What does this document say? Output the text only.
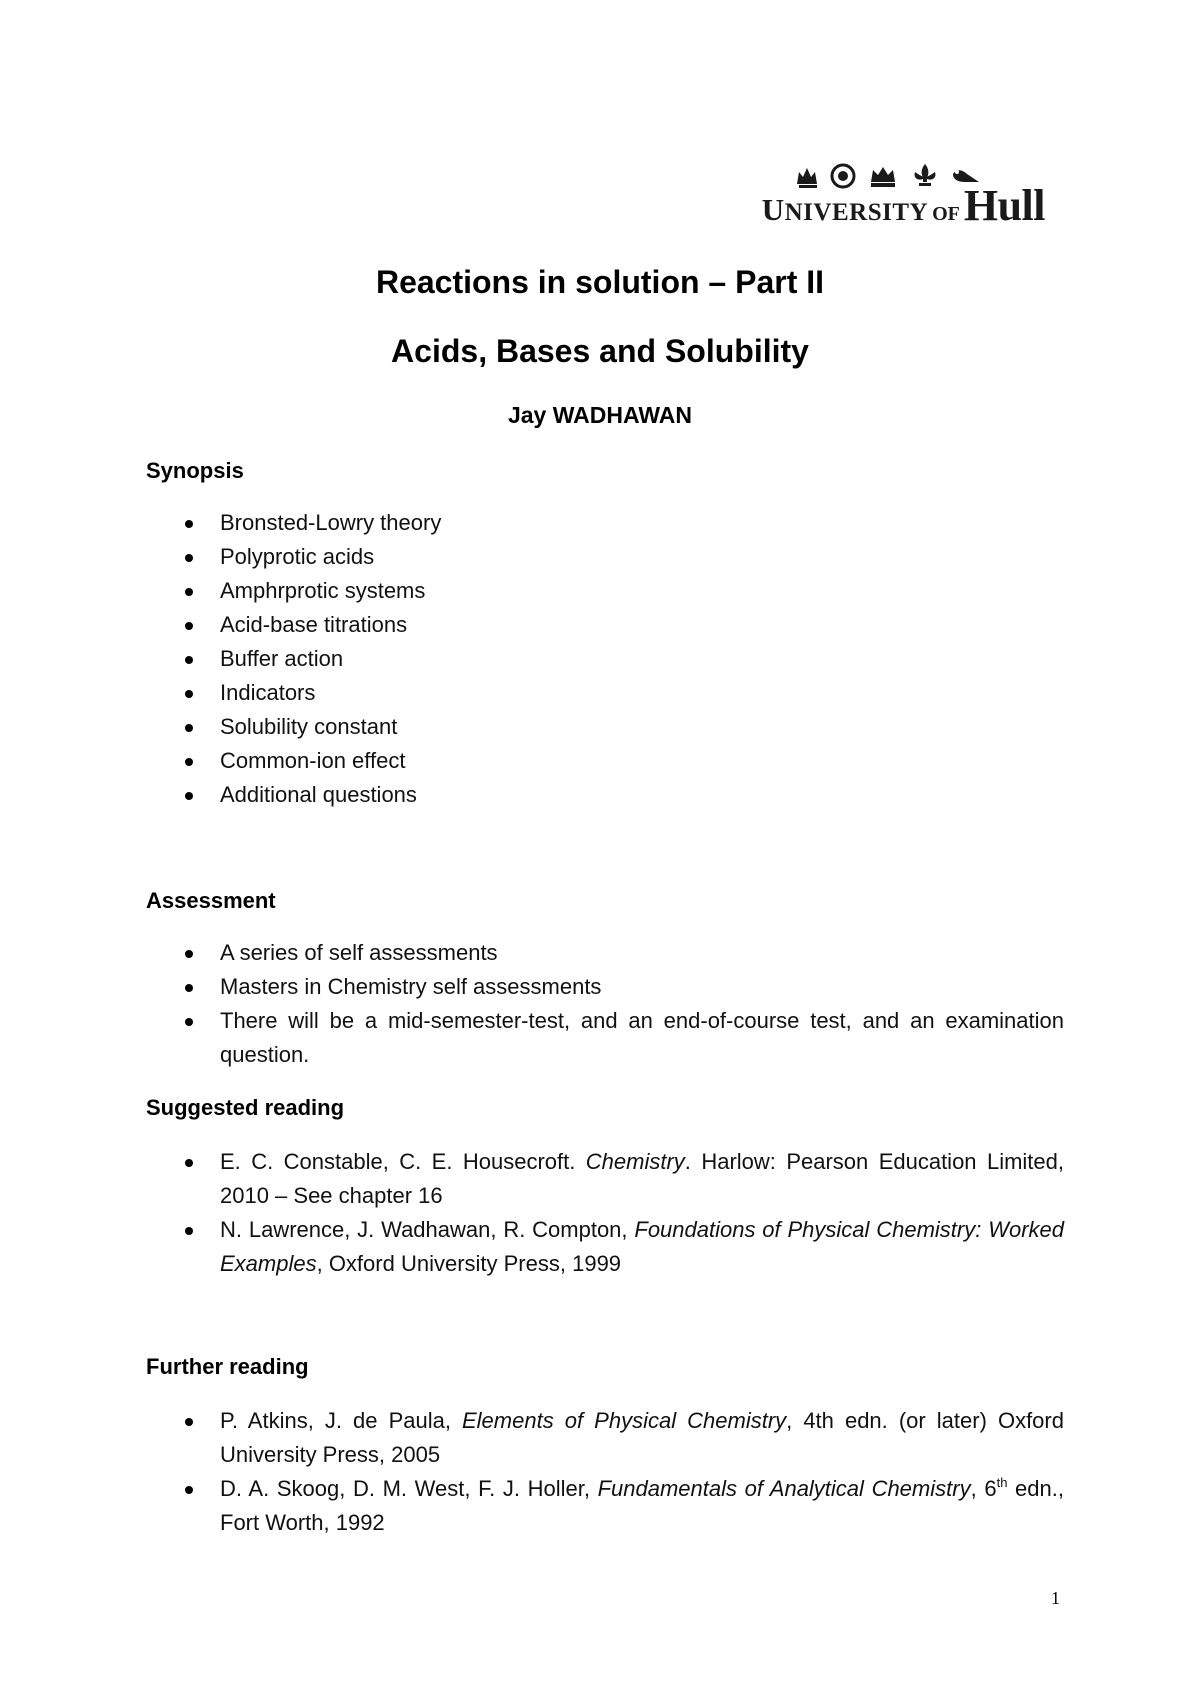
UNIVERSITY OF Hull
Reactions in solution – Part II
Acids, Bases and Solubility
Jay WADHAWAN

Synopsis

Bronsted-Lowry theory
Polyprotic acids
Amphrprotic systems
Acid-base titrations
Buffer action
Indicators
Solubility constant
Common-ion effect
Additional questions

Assessment

A series of self assessments
Masters in Chemistry self assessments
There will be a mid-semester-test, and an end-of-course test, and an examination question.

Suggested reading

E. C. Constable, C. E. Housecroft. Chemistry. Harlow: Pearson Education Limited, 2010 – See chapter 16
N. Lawrence, J. Wadhawan, R. Compton, Foundations of Physical Chemistry: Worked Examples, Oxford University Press, 1999

Further reading

P. Atkins, J. de Paula, Elements of Physical Chemistry, 4th edn. (or later) Oxford University Press, 2005
D. A. Skoog, D. M. West, F. J. Holler, Fundamentals of Analytical Chemistry, 6th edn., Fort Worth, 1992
1
